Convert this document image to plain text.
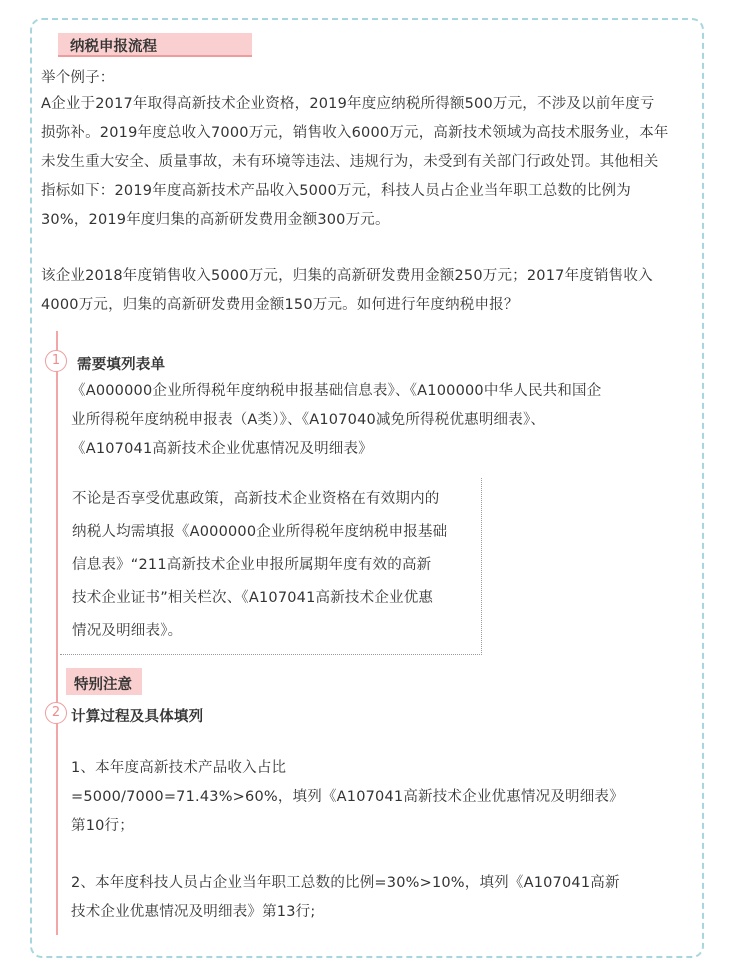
纳税申报流程
举个例子：
A企业于2017年取得高新技术企业资格，2019年度应纳税所得额500万元，不涉及以前年度亏
损弥补。2019年度总收入7000万元，销售收入6000万元，高新技术领域为高技术服务业，本年
未发生重大安全、质量事故，未有环境等违法、违规行为，未受到有关部门行政处罚。其他相关
指标如下：2019年度高新技术产品收入5000万元，科技人员占企业当年职工总数的比例为
30%，2019年度归集的高新研发费用金额300万元。
该企业2018年度销售收入5000万元，归集的高新研发费用金额250万元；2017年度销售收入
4000万元，归集的高新研发费用金额150万元。如何进行年度纳税申报？
1	需要填列表单
《A000000企业所得税年度纳税申报基础信息表》、《A100000中华人民共和国企
业所得税年度纳税申报表（A类）》、《A107040减免所得税优惠明细表》、
《A107041高新技术企业优惠情况及明细表》
不论是否享受优惠政策，高新技术企业资格在有效期内的
纳税人均需填报《A000000企业所得税年度纳税申报基础
信息表》“211高新技术企业申报所属期年度有效的高新
技术企业证书”相关栏次、《A107041高新技术企业优惠
情况及明细表》。
特别注意
2 计算过程及具体填列
1、本年度高新技术产品收入占比
=5000/7000=71.43%>60%，填列《A107041高新技术企业优惠情况及明细表》
第10行；
2、本年度科技人员占企业当年职工总数的比例=30%>10%，填列《A107041高新
技术企业优惠情况及明细表》第13行;
